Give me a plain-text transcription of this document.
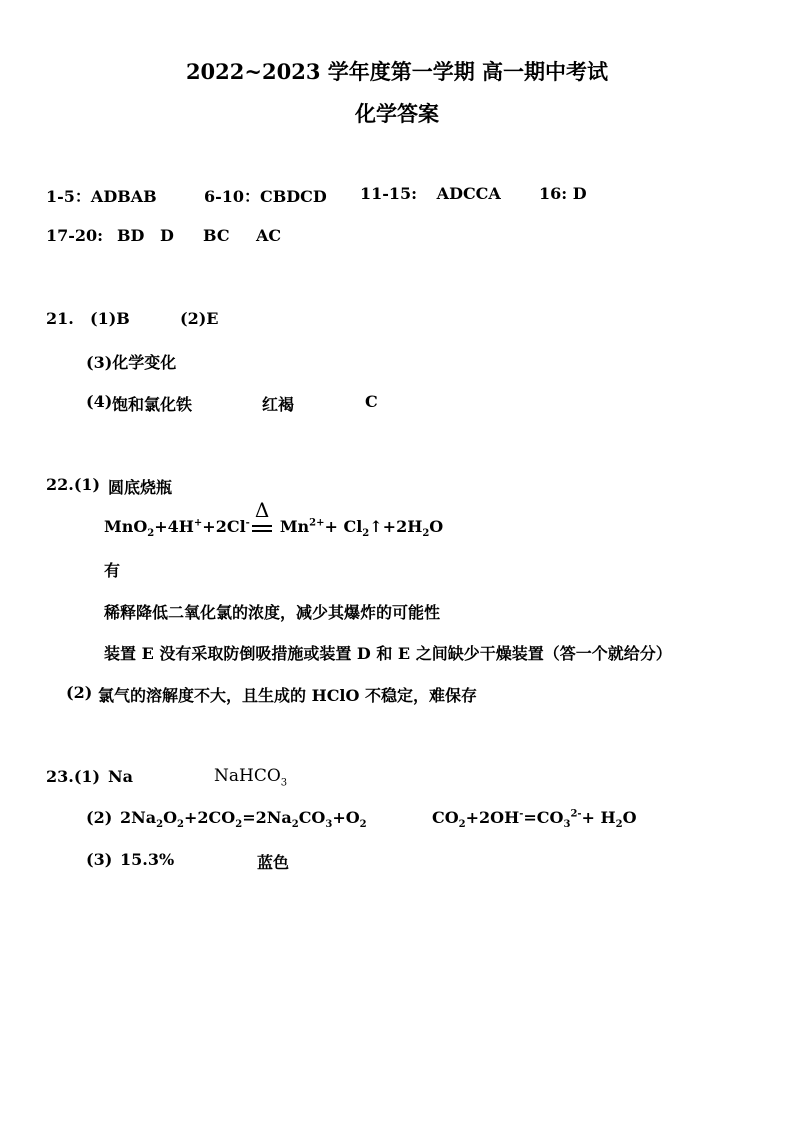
2022~2023 学年度第一学期 高一期中考试
化学答案
1-5：ADBAB	6-10：CBDCD 11-15: ADCCA 16: D
17-20: BD D BC AC
21. (1)B	(2)E
(3)化学变化
(4) 饱和氯化铁	红褐	C
22.(1) 圆底烧瓶
MnO$_2$+4H++2Cl-
Δ
$Mn^{2+}+$ $Cl_2↑+2H_2O$
有
稀释降低二氧化氯的浓度，减少其爆炸的可能性
装置 E 没有采取防倒吸措施或装置 D 和 E 之间缺少干燥装置（答一个就给分）
(2) 氯气的溶解度不大，且生成的 HClO 不稳定，难保存
23.(1) Na	NaHCO$_3$
(2) $2Na_2O_2+2CO_2=2Na_2CO_3+O_2$	$CO_2+2OH^-=CO_3^{2-}+ H_2O$
(3) 15.3%	蓝色
